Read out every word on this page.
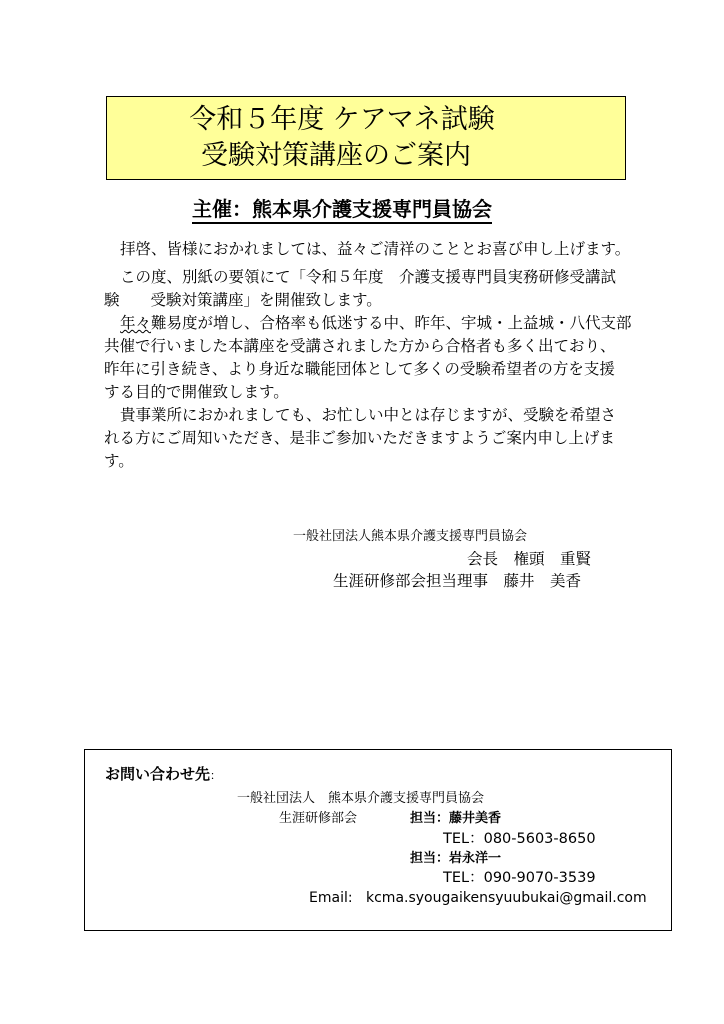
令和５年度 ケアマネ試験
受験対策講座のご案内
主催：熊本県介護支援専門員協会
拝啓、皆様におかれましては、益々ご清祥のこととお喜び申し上げます。
この度、別紙の要領にて「令和５年度　介護支援専門員実務研修受講試
験　　受験対策講座」を開催致します。
年々難易度が増し、合格率も低迷する中、昨年、宇城・上益城・八代支部
共催で行いました本講座を受講されました方から合格者も多く出ており、
昨年に引き続き、より身近な職能団体として多くの受験希望者の方を支援
する目的で開催致します。
貴事業所におかれましても、お忙しい中とは存じますが、受験を希望さ
れる方にご周知いただき、是非ご参加いただきますようご案内申し上げま
す。
一般社団法人熊本県介護支援専門員協会
会長　権頭　重賢
生涯研修部会担当理事　藤井　美香
お問い合わせ先：
一般社団法人　熊本県介護支援専門員協会
生涯研修部会	担当：藤井美香
TEL：080-5603-8650
担当：岩永洋一
TEL：090-9070-3539
Email: kcma.syougaikensyuubukai@gmail.com
